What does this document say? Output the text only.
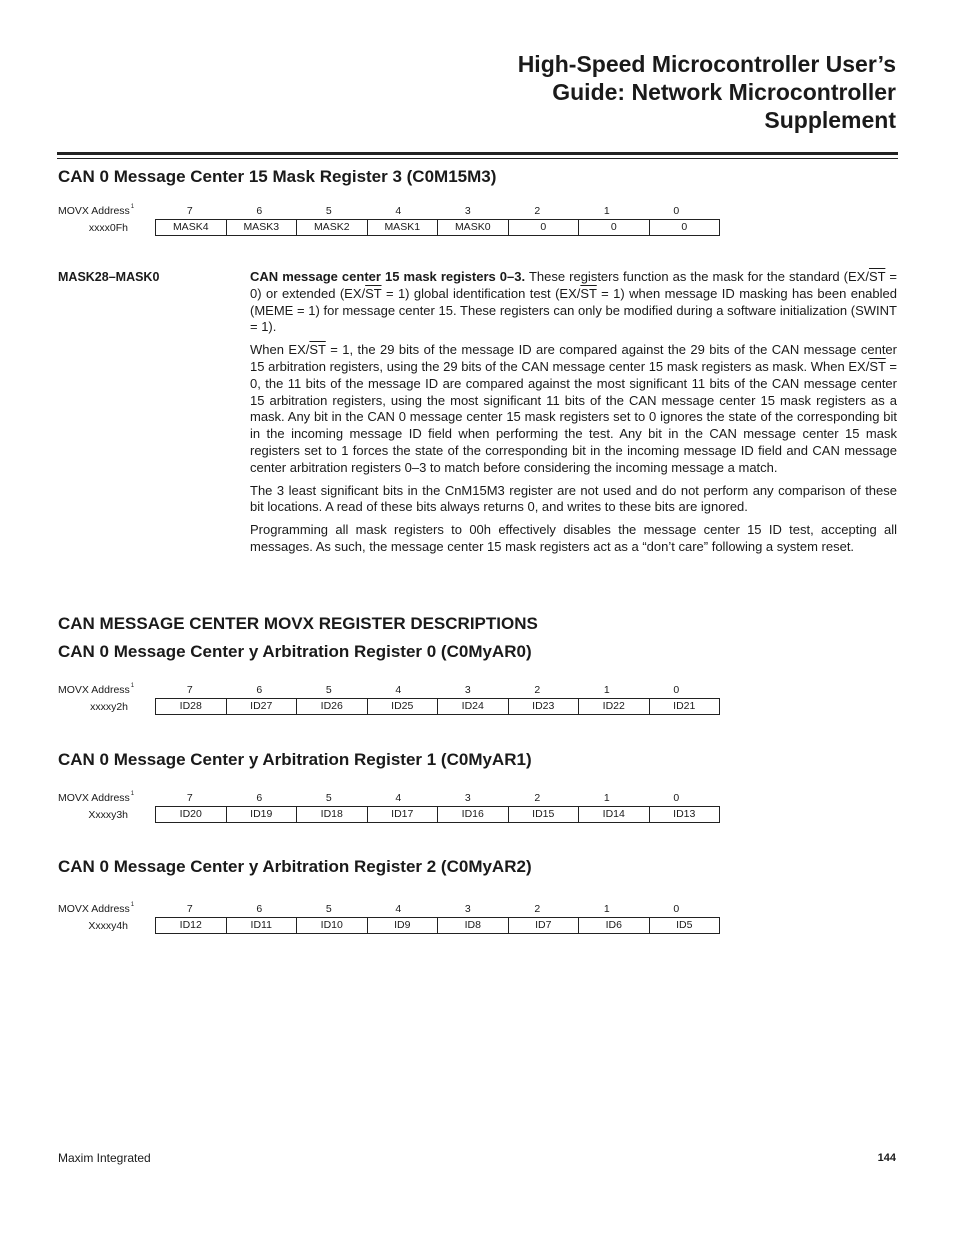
High-Speed Microcontroller User’s
Guide: Network Microcontroller
Supplement
CAN 0 Message Center 15 Mask Register 3 (C0M15M3)
MOVX Address$^1$	7	6	5	4	3	2	1	0
xxxx0Fh	MASK4	MASK3	MASK2	MASK1	MASK0	0	0	0
MASK28–MASK0	CAN message center 15 mask registers 0–3. These registers function as the mask for the standard $(EX/\overline{ST} = 0)$ or extended $(EX/\overline{ST} = 1)$ global identification test $(EX/\overline{ST} = 1)$ when message ID masking has been enabled (MEME = 1) for message center 15. These registers can only be modified during a software initialization (SWINT = 1).

When $EX/\overline{ST} = 1$, the 29 bits of the message ID are compared against the 29 bits of the CAN message center 15 arbitration registers, using the 29 bits of the CAN message center 15 mask registers as mask. When $EX/\overline{ST} = 0$, the 11 bits of the message ID are compared against the most significant 11 bits of the CAN message center 15 arbitration registers, using the most significant 11 bits of the CAN message center 15 mask registers as a mask. Any bit in the CAN 0 message center 15 mask registers set to 0 ignores the state of the corresponding bit in the incoming message ID field when performing the test. Any bit in the CAN message center 15 mask registers set to 1 forces the state of the corresponding bit in the incoming message ID field and CAN message center arbitration registers 0–3 to match before considering the incoming message a match.

The 3 least significant bits in the CnM15M3 register are not used and do not perform any comparison of these bit locations. A read of these bits always returns 0, and writes to these bits are ignored.

Programming all mask registers to 00h effectively disables the message center 15 ID test, accepting all messages. As such, the message center 15 mask registers act as a “don’t care” following a system reset.

CAN MESSAGE CENTER MOVX REGISTER DESCRIPTIONS
CAN 0 Message Center y Arbitration Register 0 (C0MyAR0)
MOVX Address$^1$	7	6	5	4	3	2	1	0
xxxxy2h	ID28	ID27	ID26	ID25	ID24	ID23	ID22	ID21
CAN 0 Message Center y Arbitration Register 1 (C0MyAR1)
MOVX Address$^1$	7	6	5	4	3	2	1	0
Xxxxy3h	ID20	ID19	ID18	ID17	ID16	ID15	ID14	ID13
CAN 0 Message Center y Arbitration Register 2 (C0MyAR2)
MOVX Address$^1$	7	6	5	4	3	2	1	0
Xxxxy4h	ID12	ID11	ID10	ID9	ID8	ID7	ID6	ID5
Maxim Integrated	144
